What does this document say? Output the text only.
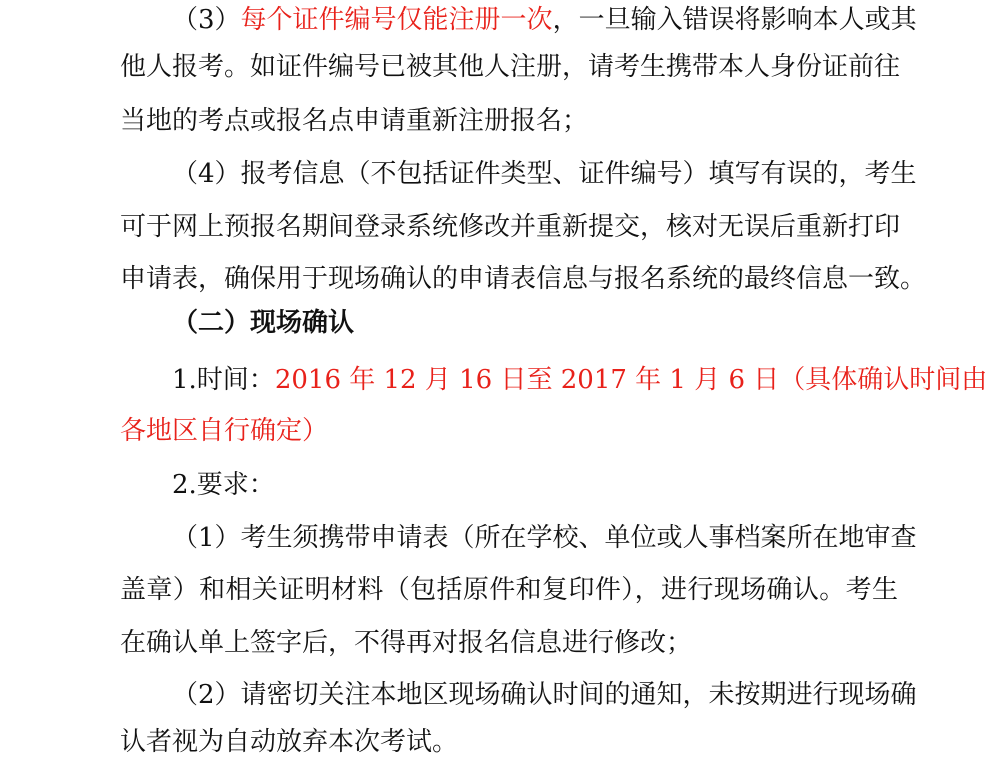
（3）每个证件编号仅能注册一次，一旦输入错误将影响本人或其
他人报考。如证件编号已被其他人注册，请考生携带本人身份证前往
当地的考点或报名点申请重新注册报名；
（4）报考信息（不包括证件类型、证件编号）填写有误的，考生
可于网上预报名期间登录系统修改并重新提交，核对无误后重新打印
申请表，确保用于现场确认的申请表信息与报名系统的最终信息一致。
（二）现场确认
1.时间：2016 年 12 月 16 日至 2017 年 1 月 6 日（具体确认时间由
各地区自行确定）
2.要求：
（1）考生须携带申请表（所在学校、单位或人事档案所在地审查
盖章）和相关证明材料（包括原件和复印件），进行现场确认。考生
在确认单上签字后，不得再对报名信息进行修改；
（2）请密切关注本地区现场确认时间的通知，未按期进行现场确
认者视为自动放弃本次考试。
